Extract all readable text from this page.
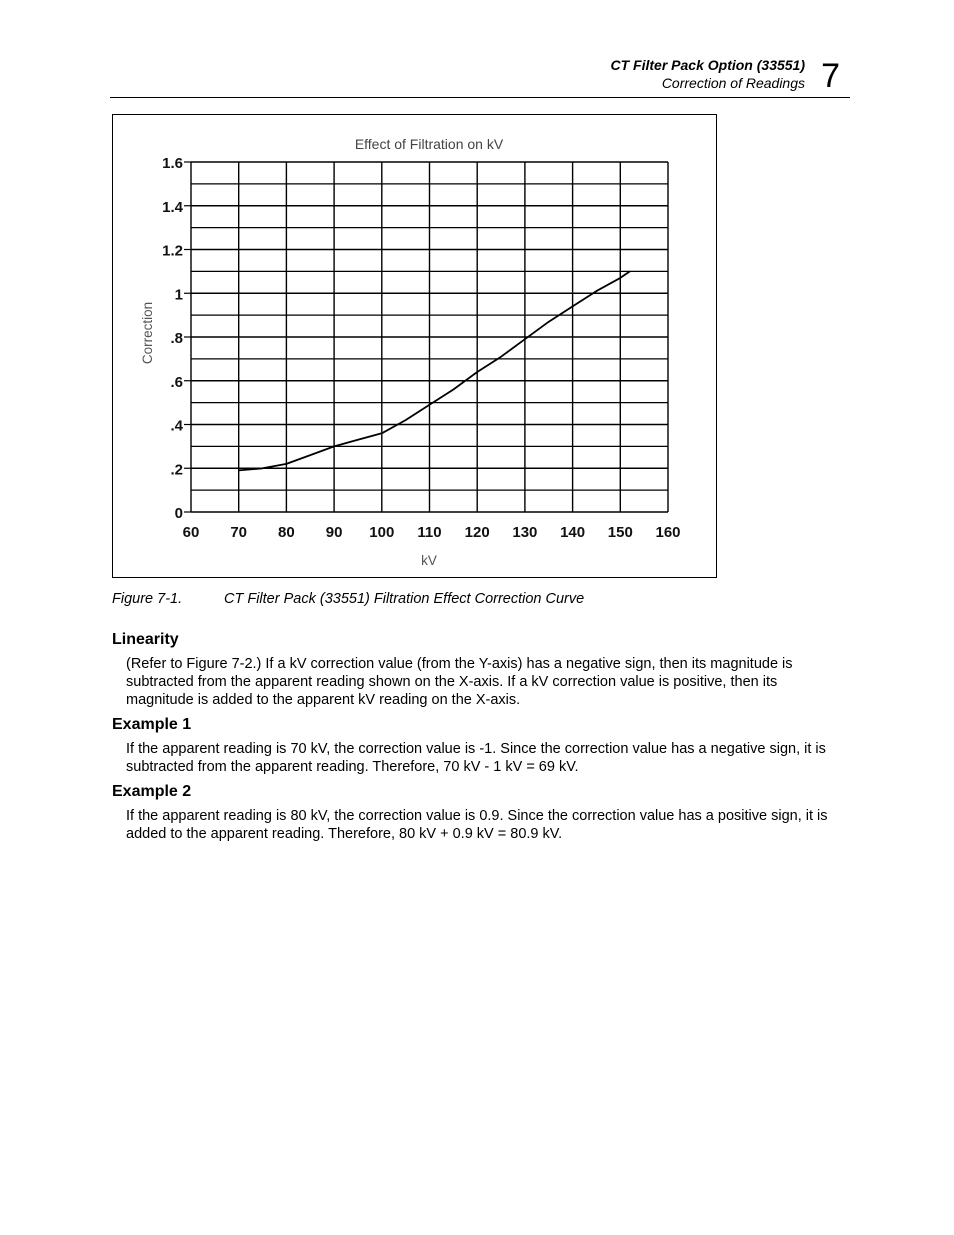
CT Filter Pack Option (33551)
Correction of Readings 7
Effect of Filtration on kV
Correction
kV
0
.2
.4
.6
.8
1
1.2
1.4
1.6
60 70 80 90 100 110 120 130 140 150 160
Figure 7-1.	CT Filter Pack (33551) Filtration Effect Correction Curve
Linearity
(Refer to Figure 7-2.) If a kV correction value (from the Y-axis) has a negative sign, then its magnitude is subtracted from the apparent reading shown on the X-axis. If a kV correction value is positive, then its magnitude is added to the apparent kV reading on the X-axis.
Example 1
If the apparent reading is 70 kV, the correction value is -1. Since the correction value has a negative sign, it is subtracted from the apparent reading. Therefore, 70 kV - 1 kV = 69 kV.
Example 2
If the apparent reading is 80 kV, the correction value is 0.9. Since the correction value has a positive sign, it is added to the apparent reading. Therefore, 80 kV + 0.9 kV = 80.9 kV.
